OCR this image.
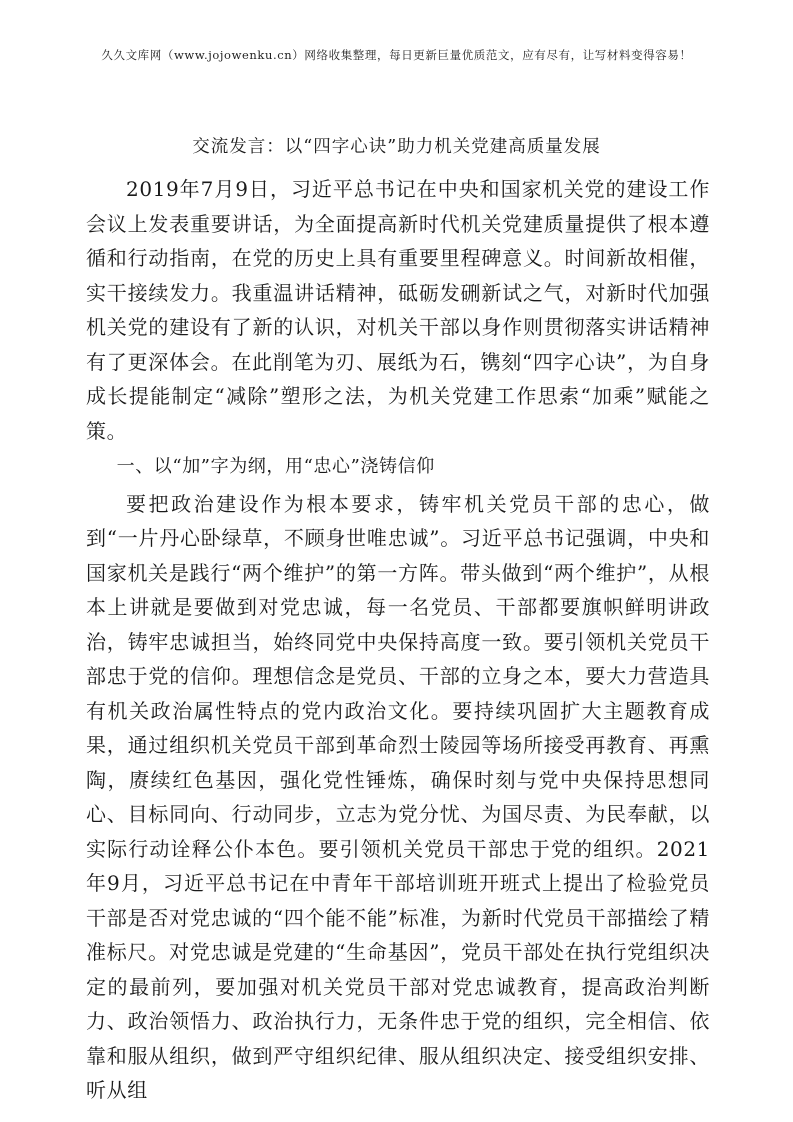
久久文库网（www.jojowenku.cn）网络收集整理，每日更新巨量优质范文，应有尽有，让写材料变得容易！
交流发言：以“四字心诀”助力机关党建高质量发展

2019年7月9日，习近平总书记在中央和国家机关党的建设工作会议上发表重要讲话，为全面提高新时代机关党建质量提供了根本遵循和行动指南，在党的历史上具有重要里程碑意义。时间新故相催，实干接续发力。我重温讲话精神，砥砺发硎新试之气，对新时代加强机关党的建设有了新的认识，对机关干部以身作则贯彻落实讲话精神有了更深体会。在此削笔为刃、展纸为石，镌刻“四字心诀”，为自身成长提能制定“减除”塑形之法，为机关党建工作思索“加乘”赋能之策。

一、以“加”字为纲，用“忠心”浇铸信仰

要把政治建设作为根本要求，铸牢机关党员干部的忠心，做到“一片丹心卧绿草，不顾身世唯忠诚”。习近平总书记强调，中央和国家机关是践行“两个维护”的第一方阵。带头做到“两个维护”，从根本上讲就是要做到对党忠诚，每一名党员、干部都要旗帜鲜明讲政治，铸牢忠诚担当，始终同党中央保持高度一致。要引领机关党员干部忠于党的信仰。理想信念是党员、干部的立身之本，要大力营造具有机关政治属性特点的党内政治文化。要持续巩固扩大主题教育成果，通过组织机关党员干部到革命烈士陵园等场所接受再教育、再熏陶，赓续红色基因，强化党性锤炼，确保时刻与党中央保持思想同心、目标同向、行动同步，立志为党分忧、为国尽责、为民奉献，以实际行动诠释公仆本色。要引领机关党员干部忠于党的组织。2021年9月，习近平总书记在中青年干部培训班开班式上提出了检验党员干部是否对党忠诚的“四个能不能”标准，为新时代党员干部描绘了精准标尺。对党忠诚是党建的“生命基因”，党员干部处在执行党组织决定的最前列，要加强对机关党员干部对党忠诚教育，提高政治判断力、政治领悟力、政治执行力，无条件忠于党的组织，完全相信、依靠和服从组织，做到严守组织纪律、服从组织决定、接受组织安排、听从组
